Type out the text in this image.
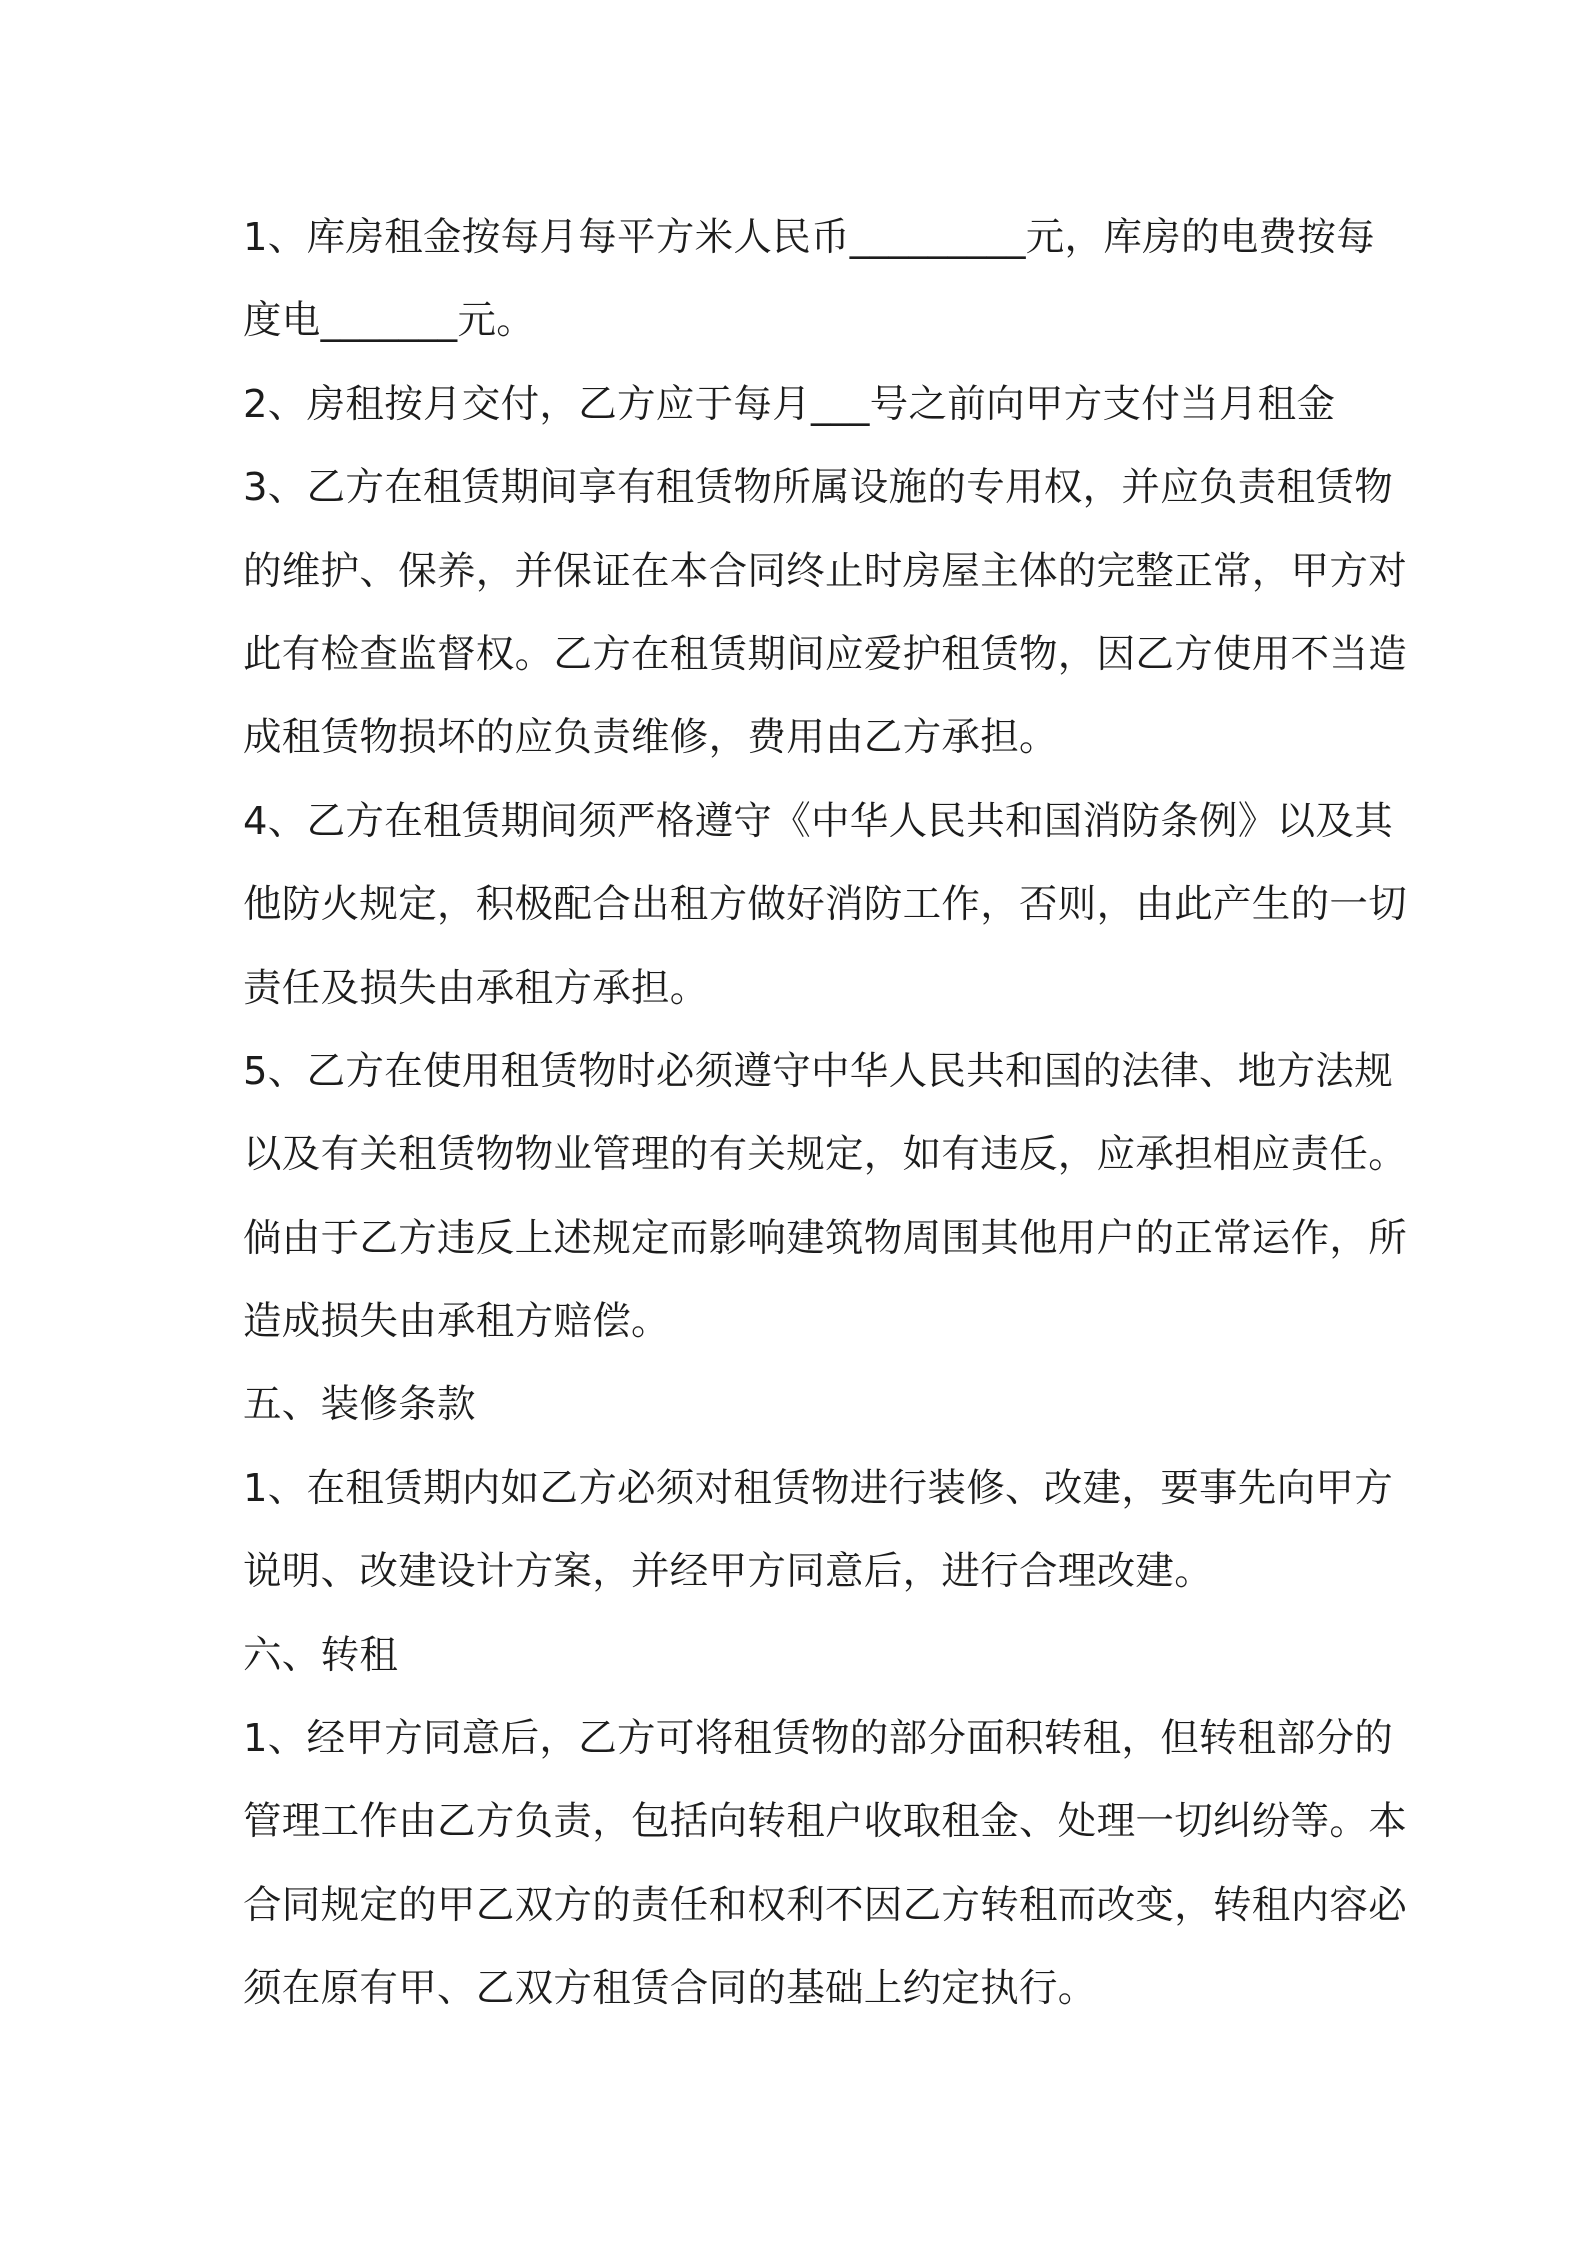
1、库房租金按每月每平方米人民币_________元，库房的电费按每
度电_______元。
2、房租按月交付，乙方应于每月___号之前向甲方支付当月租金
3、乙方在租赁期间享有租赁物所属设施的专用权，并应负责租赁物
的维护、保养，并保证在本合同终止时房屋主体的完整正常，甲方对
此有检查监督权。乙方在租赁期间应爱护租赁物，因乙方使用不当造
成租赁物损坏的应负责维修，费用由乙方承担。
4、乙方在租赁期间须严格遵守《中华人民共和国消防条例》以及其
他防火规定，积极配合出租方做好消防工作，否则，由此产生的一切
责任及损失由承租方承担。
5、乙方在使用租赁物时必须遵守中华人民共和国的法律、地方法规
以及有关租赁物物业管理的有关规定，如有违反，应承担相应责任。
倘由于乙方违反上述规定而影响建筑物周围其他用户的正常运作，所
造成损失由承租方赔偿。
五、装修条款
1、在租赁期内如乙方必须对租赁物进行装修、改建，要事先向甲方
说明、改建设计方案，并经甲方同意后，进行合理改建。
六、转租
1、经甲方同意后，乙方可将租赁物的部分面积转租，但转租部分的
管理工作由乙方负责，包括向转租户收取租金、处理一切纠纷等。本
合同规定的甲乙双方的责任和权利不因乙方转租而改变，转租内容必
须在原有甲、乙双方租赁合同的基础上约定执行。
